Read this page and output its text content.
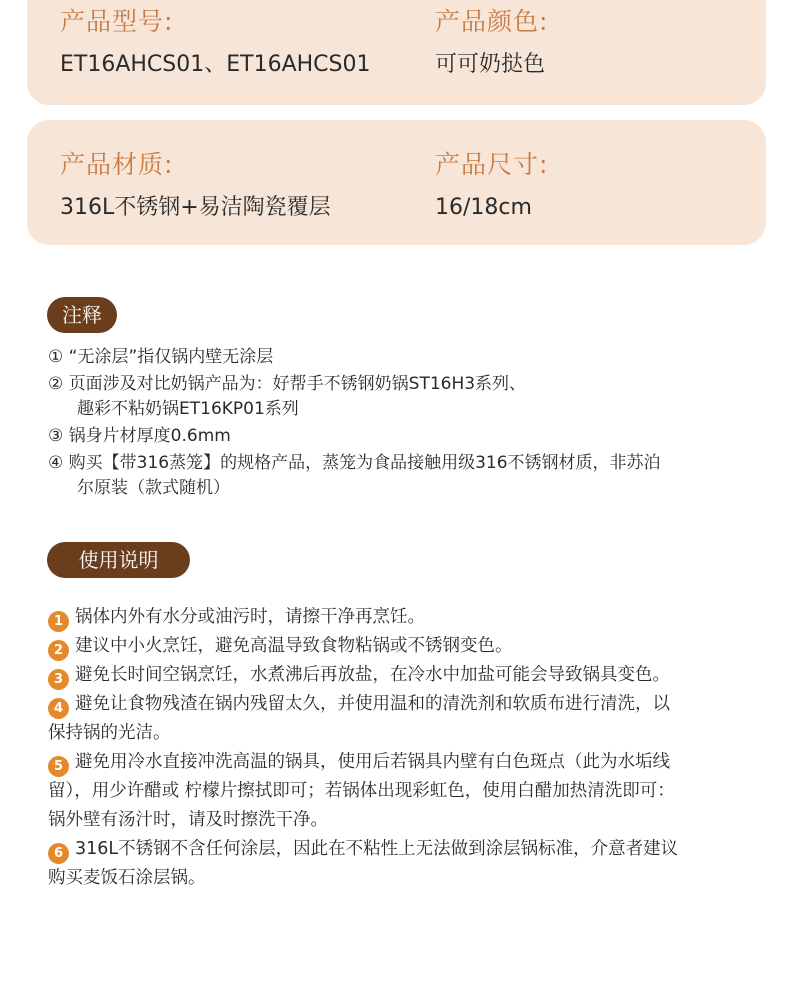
产品型号:
ET16AHCS01、ET16AHCS01
产品颜色:
可可奶挞色
产品材质:
316L不锈钢+易洁陶瓷覆层
产品尺寸:
16/18cm
注释
① “无涂层”指仅锅内壁无涂层
② 页面涉及对比奶锅产品为：好帮手不锈钢奶锅ST16H3系列、
趣彩不粘奶锅ET16KP01系列
③ 锅身片材厚度0.6mm
④ 购买【带316蒸笼】的规格产品，蒸笼为食品接触用级316不锈钢材质，非苏泊
尔原装（款式随机）
使用说明
1 锅体内外有水分或油污时，请擦干净再烹饪。
2 建议中小火烹饪，避免高温导致食物粘锅或不锈钢变色。
3 避免长时间空锅烹饪，水煮沸后再放盐，在冷水中加盐可能会导致锅具变色。
4 避免让食物残渣在锅内残留太久，并使用温和的清洗剂和软质布进行清洗，以
保持锅的光洁。
5 避免用冷水直接冲洗高温的锅具，使用后若锅具内壁有白色斑点（此为水垢线
留），用少许醋或 柠檬片擦拭即可；若锅体出现彩虹色，使用白醋加热清洗即可：
锅外壁有汤汁时，请及时擦洗干净。
6 316L不锈钢不含任何涂层，因此在不粘性上无法做到涂层锅标准，介意者建议
购买麦饭石涂层锅。
